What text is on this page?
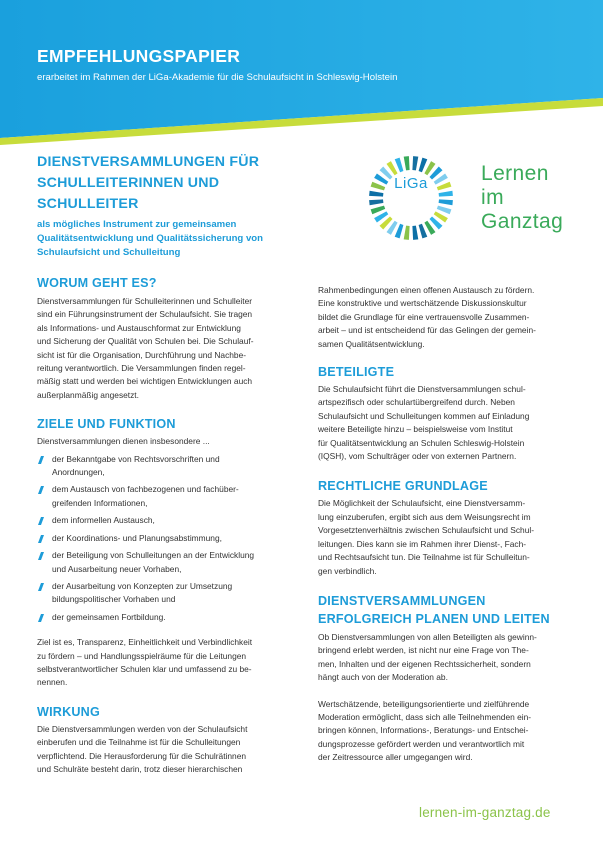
EMPFEHLUNGSPAPIER

erarbeitet im Rahmen der LiGa-Akademie für die Schulaufsicht in Schleswig-Holstein

LiGa	Lernen
im
Ganztag
DIENSTVERSAMMLUNGEN FÜR
SCHULLEITERINNEN UND SCHULLEITER

als mögliches Instrument zur gemeinsamen
Qualitätsentwicklung und Qualitätssicherung von
Schulaufsicht und Schulleitung

WORUM GEHT ES?

Dienstversammlungen für Schulleiterinnen und Schulleiter
sind ein Führungsinstrument der Schulaufsicht. Sie tragen
als Informations- und Austauschformat zur Entwicklung
und Sicherung der Qualität von Schulen bei. Die Schulauf-
sicht ist für die Organisation, Durchführung und Nachbe-
reitung verantwortlich. Die Versammlungen finden regel-
mäßig statt und werden bei wichtigen Entwicklungen auch
außerplanmäßig angesetzt.

ZIELE UND FUNKTION

Dienstversammlungen dienen insbesondere ...

der Bekanntgabe von Rechtsvorschriften und
Anordnungen,
dem Austausch von fachbezogenen und fachüber-
greifenden Informationen,
dem informellen Austausch,
der Koordinations- und Planungsabstimmung,
der Beteiligung von Schulleitungen an der Entwicklung
und Ausarbeitung neuer Vorhaben,
der Ausarbeitung von Konzepten zur Umsetzung
bildungspolitischer Vorhaben und
der gemeinsamen Fortbildung.

Ziel ist es, Transparenz, Einheitlichkeit und Verbindlichkeit
zu fördern – und Handlungsspielräume für die Leitungen
selbstverantwortlicher Schulen klar und umfassend zu be-
nennen.

WIRKUNG

Die Dienstversammlungen werden von der Schulaufsicht
einberufen und die Teilnahme ist für die Schulleitungen
verpflichtend. Die Herausforderung für die Schulrätinnen
und Schulräte besteht darin, trotz dieser hierarchischen

Rahmenbedingungen einen offenen Austausch zu fördern.
Eine konstruktive und wertschätzende Diskussionskultur
bildet die Grundlage für eine vertrauensvolle Zusammen-
arbeit – und ist entscheidend für das Gelingen der gemein-
samen Qualitätsentwicklung.

BETEILIGTE

Die Schulaufsicht führt die Dienstversammlungen schul-
artspezifisch oder schulartübergreifend durch. Neben
Schulaufsicht und Schulleitungen kommen auf Einladung
weitere Beteiligte hinzu – beispielsweise vom Institut
für Qualitätsentwicklung an Schulen Schleswig-Holstein
(IQSH), vom Schulträger oder von externen Partnern.

RECHTLICHE GRUNDLAGE

Die Möglichkeit der Schulaufsicht, eine Dienstversamm-
lung einzuberufen, ergibt sich aus dem Weisungsrecht im
Vorgesetztenverhältnis zwischen Schulaufsicht und Schul-
leitungen. Dies kann sie im Rahmen ihrer Dienst-, Fach-
und Rechtsaufsicht tun. Die Teilnahme ist für Schulleitun-
gen verbindlich.

DIENSTVERSAMMLUNGEN
ERFOLGREICH PLANEN UND LEITEN

Ob Dienstversammlungen von allen Beteiligten als gewinn-
bringend erlebt werden, ist nicht nur eine Frage von The-
men, Inhalten und der eigenen Rechtssicherheit, sondern
hängt auch von der Moderation ab.

Wertschätzende, beteiligungsorientierte und zielführende
Moderation ermöglicht, dass sich alle Teilnehmenden ein-
bringen können, Informations-, Beratungs- und Entschei-
dungsprozesse gefördert werden und verantwortlich mit
der Zeitressource aller umgegangen wird.

lernen-im-ganztag.de
